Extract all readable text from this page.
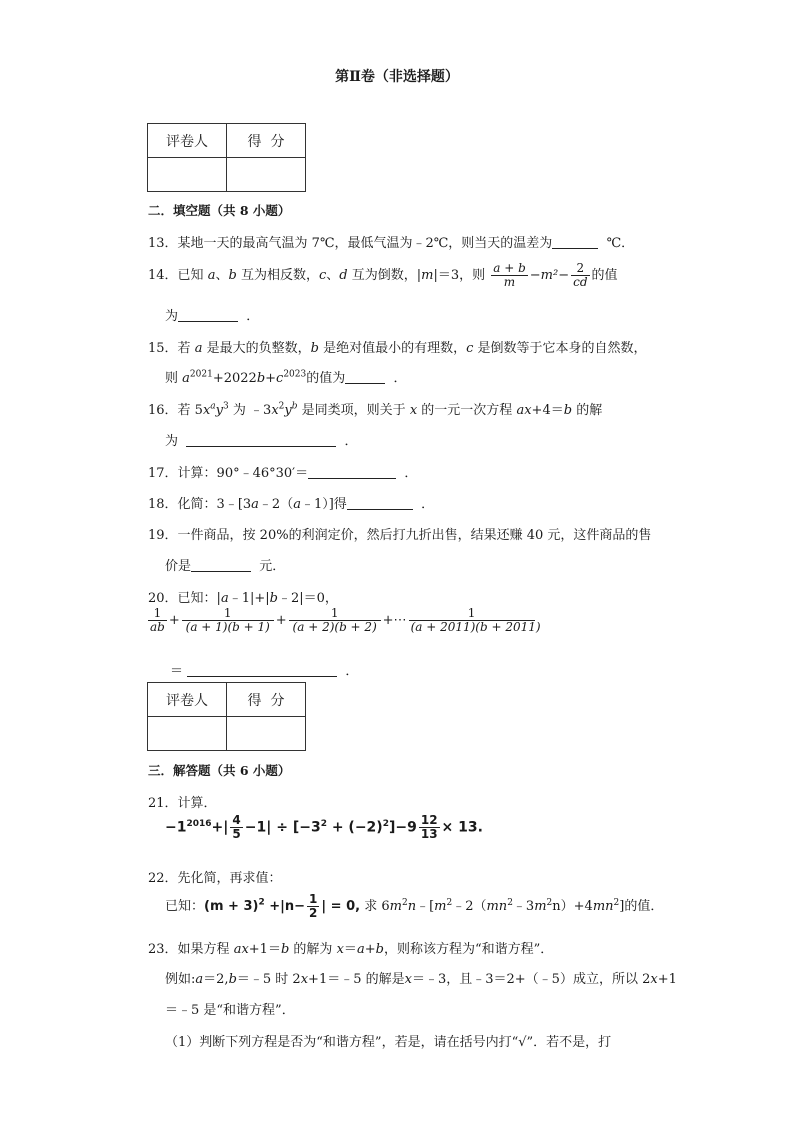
第Ⅱ卷（非选择题）
评卷人	得  分

二．填空题（共 8 小题）
13．某地一天的最高气温为 7℃，最低气温为﹣2℃，则当天的温差为	℃．
14．已知 a、b 互为相反数，c、d 互为倒数，|m|＝3，则 $\frac{a + b}{m} -m^2- \frac{2}{cd}$ 的值
为	．
15．若 a 是最大的负整数，b 是绝对值最小的有理数，c 是倒数等于它本身的自然数，
则 $a^{2021}+2022b+c^{2023}$的值为	．
16．若 $5x^ay^3$ 为 $﹣3x^2y^b$ 是同类项，则关于 x 的一元一次方程 ax+4＝b 的解
为	．
17．计算：90°﹣46°30′＝	．
18．化简：3﹣[3a﹣2（a﹣1）]得	．
19．一件商品，按 20%的利润定价，然后打九折出售，结果还赚 40 元，这件商品的售
价是	元．
20．已知：|a﹣1|+|b﹣2|＝0，
$\frac{1}{ab} + \frac{1}{(a + 1)(b + 1)} + \frac{1}{(a + 2)(b + 2)}$ +⋯ $\frac{1}{(a + 2011)(b + 2011)}$
＝	．
评卷人	得  分

三．解答题（共 6 小题）
21．计算．
$-1^{2016}+| \frac{4}{5} -1| \div [-3^2 + (-2)^2]-9 \frac{12}{13} \times 13$.
22．先化简，再求值：
已知：$(m + 3)^2 +|n- \frac{1}{2}$ | = 0, 求 $6m^2n﹣[m^2﹣2(mn^2﹣3m^2n)+4mn^2]$的值．
23．如果方程 ax+1＝b 的解为 x＝a+b，则称该方程为“和谐方程”．
例如:a＝2,b＝﹣5 时 2x+1＝﹣5 的解是x＝﹣3，且﹣3＝2+（﹣5）成立，所以 2x+1
＝﹣5 是“和谐方程”．
（1）判断下列方程是否为“和谐方程”，若是，请在括号内打“√”．若不是，打
